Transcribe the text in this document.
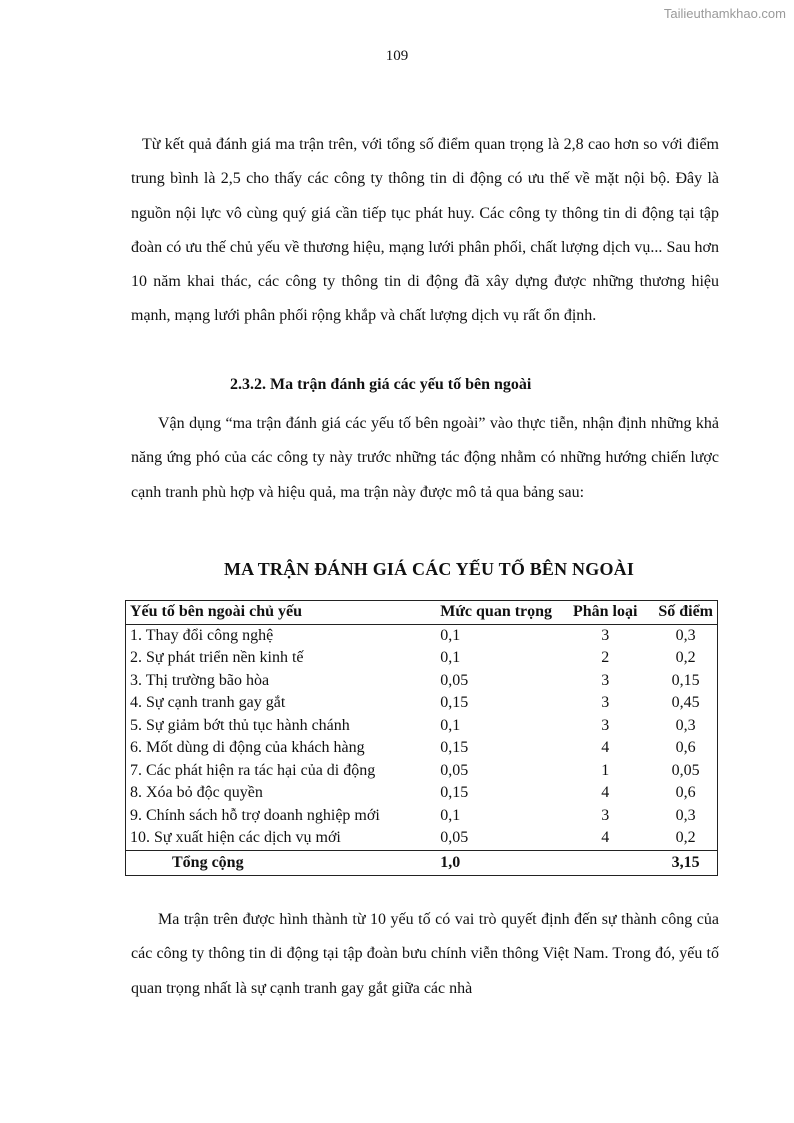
Tailieuthamkhao.com
109

Từ kết quả đánh giá ma trận trên, với tổng số điểm quan trọng là 2,8 cao hơn so với điểm trung bình là 2,5 cho thấy các công ty thông tin di động có ưu thế về mặt nội bộ. Đây là nguồn nội lực vô cùng quý giá cần tiếp tục phát huy. Các công ty thông tin di động tại tập đoàn có ưu thế chủ yếu về thương hiệu, mạng lưới phân phối, chất lượng dịch vụ... Sau hơn 10 năm khai thác, các công ty thông tin di động đã xây dựng được những thương hiệu mạnh, mạng lưới phân phối rộng khắp và chất lượng dịch vụ rất ổn định.

2.3.2. Ma trận đánh giá các yếu tố bên ngoài

Vận dụng “ma trận đánh giá các yếu tố bên ngoài” vào thực tiễn, nhận định những khả năng ứng phó của các công ty này trước những tác động nhằm có những hướng chiến lược cạnh tranh phù hợp và hiệu quả, ma trận này được mô tả qua bảng sau:

MA TRẬN ĐÁNH GIÁ CÁC YẾU TỐ BÊN NGOÀI
Yếu tố bên ngoài chủ yếu	Mức quan trọng	Phân loại	Số điểm
1. Thay đổi công nghệ	0,1	3	0,3
2. Sự phát triển nền kinh tế	0,1	2	0,2
3. Thị trường bão hòa	0,05	3	0,15
4. Sự cạnh tranh gay gắt	0,15	3	0,45
5. Sự giảm bớt thủ tục hành chánh	0,1	3	0,3
6. Mốt dùng di động của khách hàng	0,15	4	0,6
7. Các phát hiện ra tác hại của di động	0,05	1	0,05
8. Xóa bỏ độc quyền	0,15	4	0,6
9. Chính sách hỗ trợ doanh nghiệp mới	0,1	3	0,3
10. Sự xuất hiện các dịch vụ mới	0,05	4	0,2
Tổng cộng	1,0		3,15

Ma trận trên được hình thành từ 10 yếu tố có vai trò quyết định đến sự thành công của các công ty thông tin di động tại tập đoàn bưu chính viễn thông Việt Nam. Trong đó, yếu tố quan trọng nhất là sự cạnh tranh gay gắt giữa các nhà
